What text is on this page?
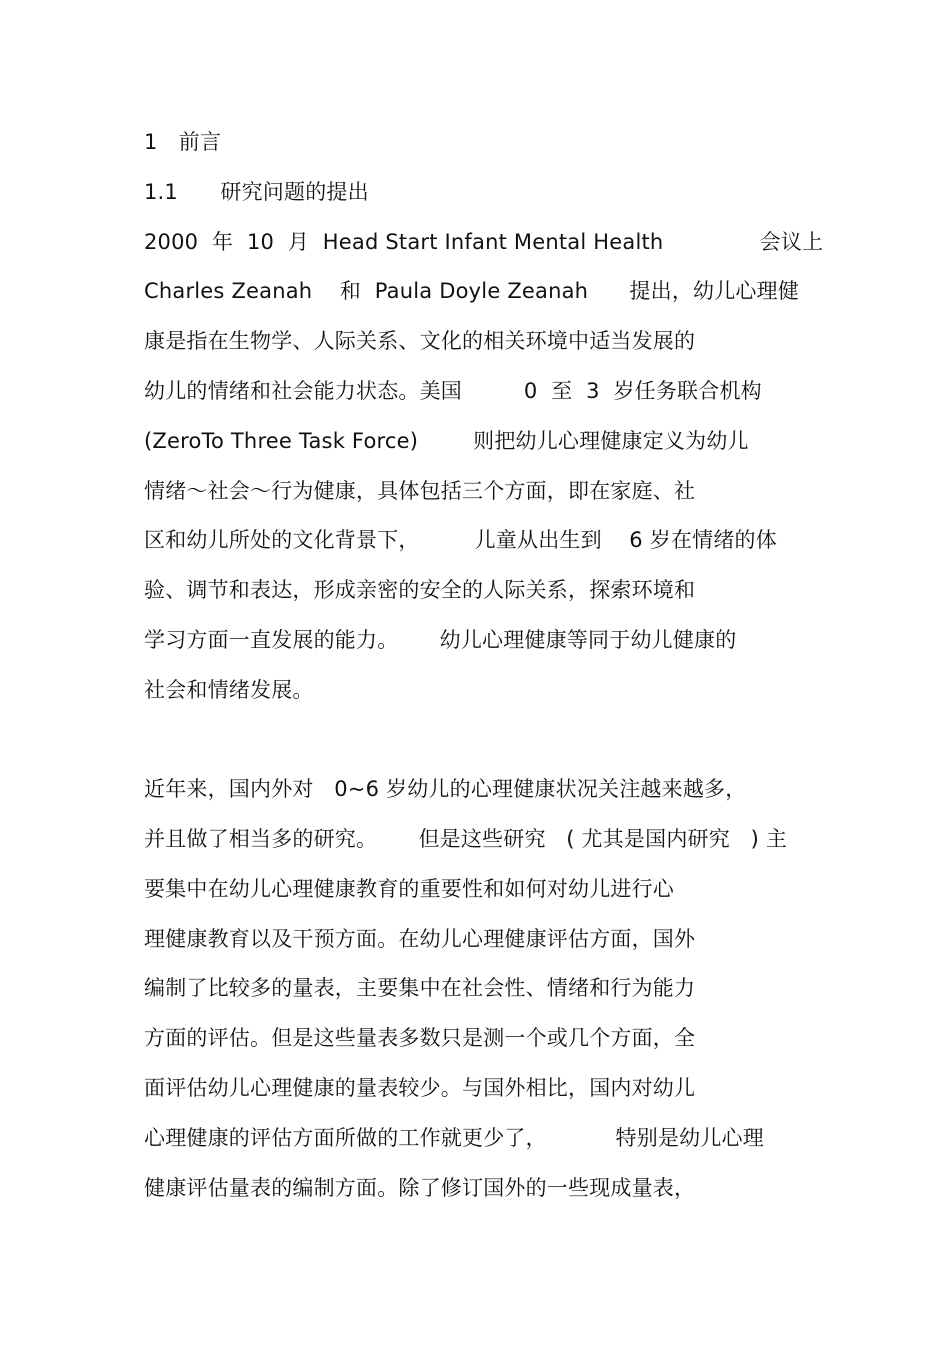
1　前言
1.1　　研究问题的提出
2000  年  10  月  Head Start Infant Mental Health              会议上
Charles Zeanah    和  Paula Doyle Zeanah      提出，幼儿心理健
康是指在生物学、人际关系、文化的相关环境中适当发展的
幼儿的情绪和社会能力状态。美国         0  至  3  岁任务联合机构
(ZeroTo Three Task Force)        则把幼儿心理健康定义为幼儿
情绪～社会～行为健康，具体包括三个方面，即在家庭、社
区和幼儿所处的文化背景下，        儿童从出生到    6 岁在情绪的体
验、调节和表达，形成亲密的安全的人际关系，探索环境和
学习方面一直发展的能力。      幼儿心理健康等同于幼儿健康的
社会和情绪发展。
近年来，国内外对   0~6 岁幼儿的心理健康状况关注越来越多，
并且做了相当多的研究。      但是这些研究   ( 尤其是国内研究   ) 主
要集中在幼儿心理健康教育的重要性和如何对幼儿进行心
理健康教育以及干预方面。在幼儿心理健康评估方面，国外
编制了比较多的量表，主要集中在社会性、情绪和行为能力
方面的评估。但是这些量表多数只是测一个或几个方面，全
面评估幼儿心理健康的量表较少。与国外相比，国内对幼儿
心理健康的评估方面所做的工作就更少了，          特别是幼儿心理
健康评估量表的编制方面。除了修订国外的一些现成量表，
